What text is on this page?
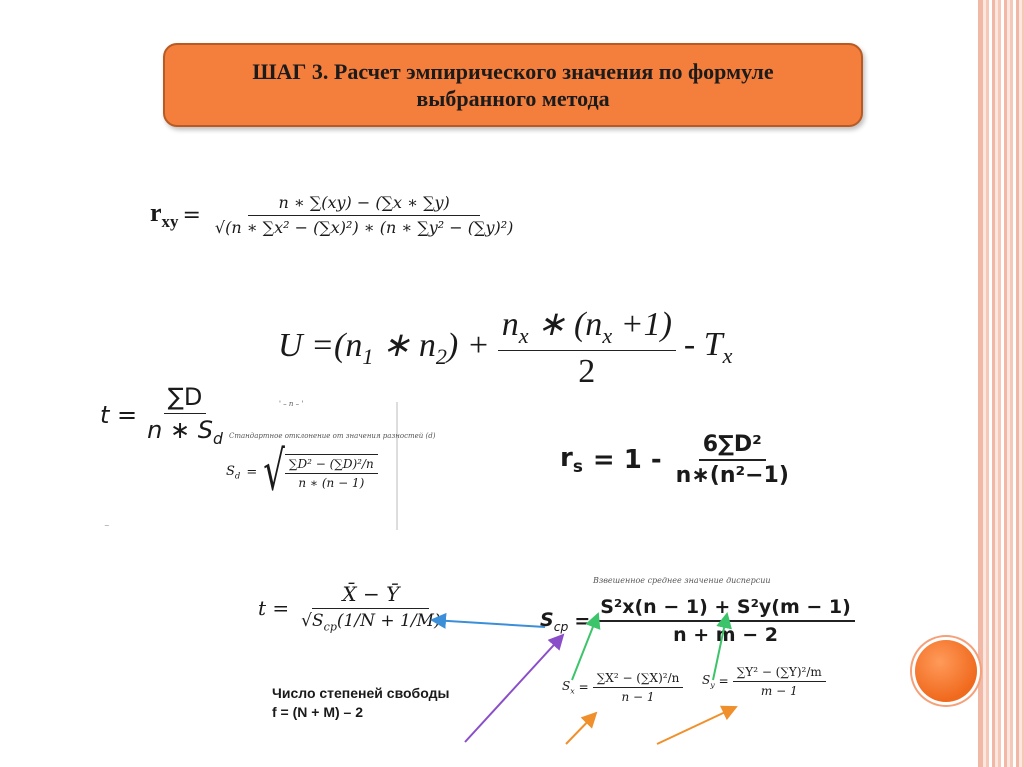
ШАГ 3. Расчет эмпирического значения по формуле выбранного метода
$r_{xy} = \frac{n ∗ \sum(xy) - (\sum x ∗ \sum y)}{\text{√(n ∗ ∑x² − (∑x)²) ∗ (n ∗ ∑y² − (∑y)²)}}$
$U =(n_1$ ∗ $n_2) + \frac{n_x ∗ (n_x +1)}{2} - T_x$
$t = \frac{\sum D}{n ∗ S_d}$	' – n – '
Стандартное отклонение от значения разностей (d)
$S_d$ = √ $\frac{\text{∑D² − (∑D)²/n}}{n ∗ (n - 1)}$	$r_s = 1 - \frac{\text{6∑D²}}{\text{n∗(n²−1)}}$
$t = \frac{X̄ - Ȳ}{√S_{ср}(1/N + 1/M)}$
Взвешенное среднее значение дисперсии
$S_{ср} = \frac{\text{S²x(n − 1) + S²y(m − 1)}}{n + m - 2}$
$S_x = \frac{\text{∑X² − (∑X)²/n}}{n - 1} S_y = \frac{\text{∑Y² − (∑Y)²/m}}{m - 1}$
Число степеней свободы
f = (N + M) – 2
~
